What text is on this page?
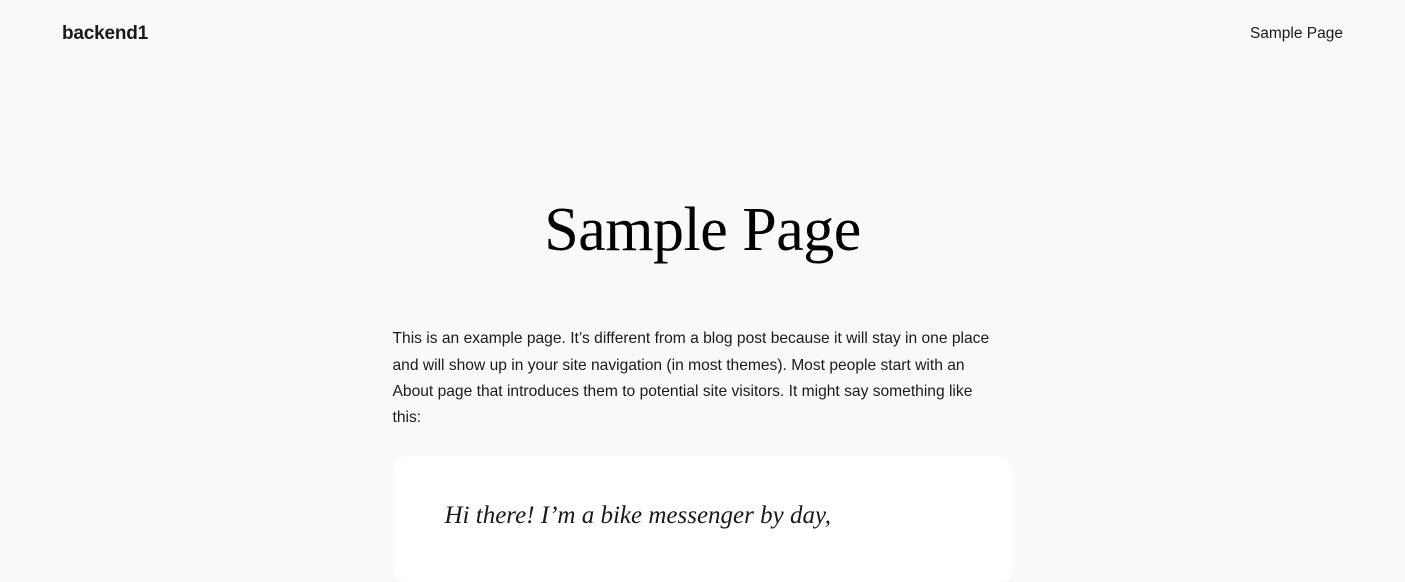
backend1	Sample Page
Sample Page

This is an example page. It’s different from a blog post because it will stay in one place and will show up in your site navigation (in most themes). Most people start with an About page that introduces them to potential site visitors. It might say something like this:

Hi there! I’m a bike messenger by day,
